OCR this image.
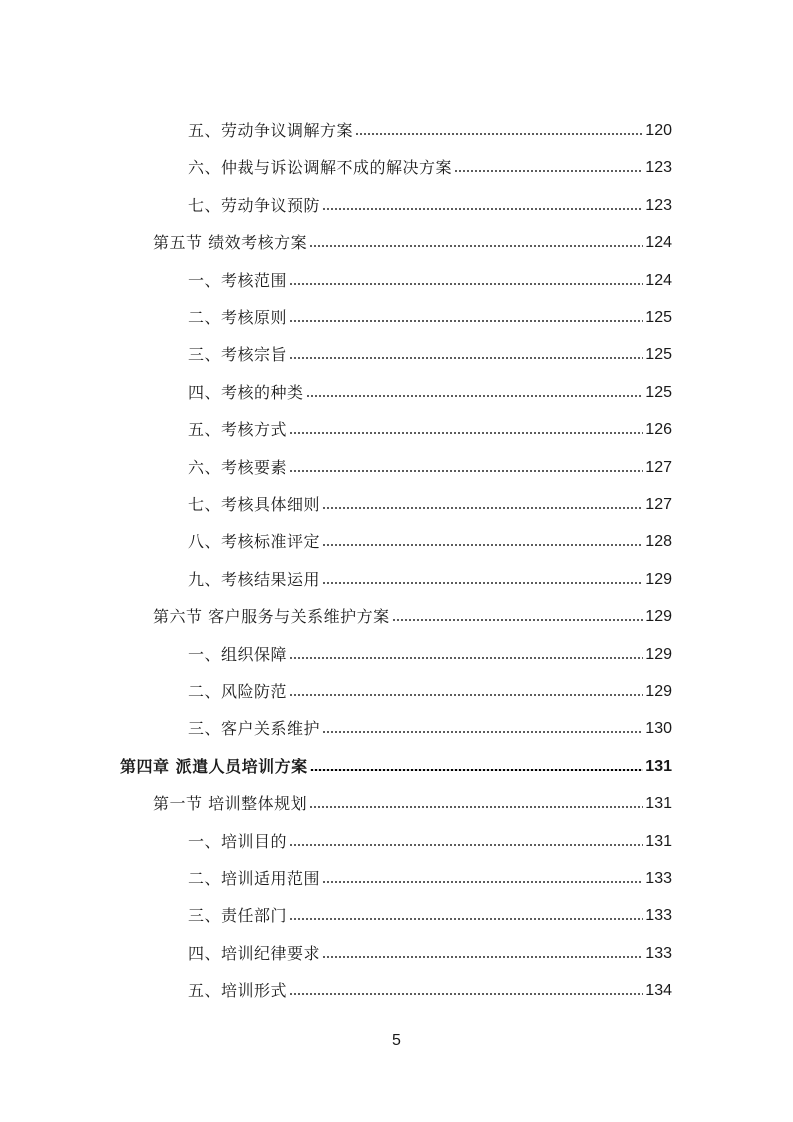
五、劳动争议调解方案	120
六、仲裁与诉讼调解不成的解决方案	123
七、劳动争议预防	123
第五节 绩效考核方案	124
一、考核范围	124
二、考核原则	125
三、考核宗旨	125
四、考核的种类	125
五、考核方式	126
六、考核要素	127
七、考核具体细则	127
八、考核标准评定	128
九、考核结果运用	129
第六节 客户服务与关系维护方案	129
一、组织保障	129
二、风险防范	129
三、客户关系维护	130
第四章 派遣人员培训方案	131
第一节 培训整体规划	131
一、培训目的	131
二、培训适用范围	133
三、责任部门	133
四、培训纪律要求	133
五、培训形式	134
5
